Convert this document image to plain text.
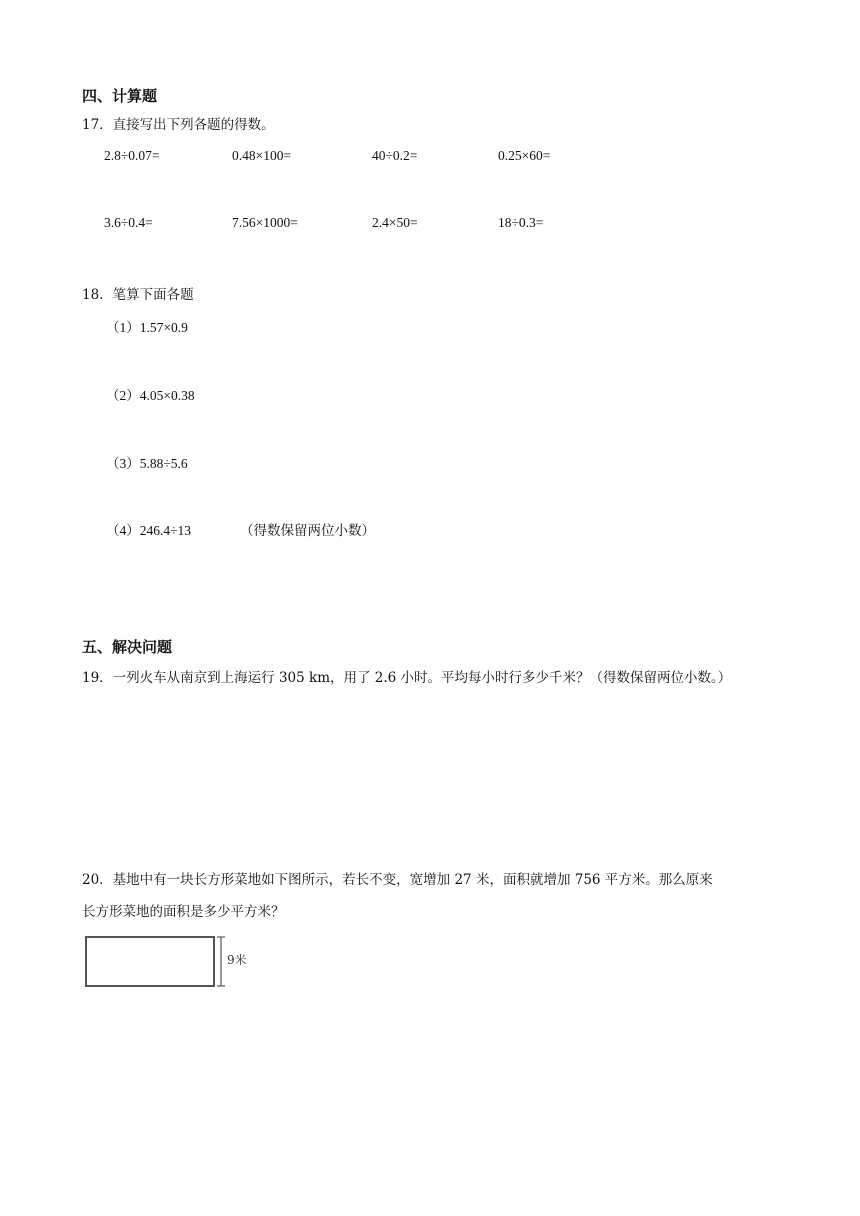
四、计算题
17．直接写出下列各题的得数。
2.8÷0.07=	0.48×100=	40÷0.2=	0.25×60=
3.6÷0.4=	7.56×1000=	2.4×50=	18÷0.3=
18．笔算下面各题
（1）1.57×0.9
（2）4.05×0.38
（3）5.88÷5.6
（4）246.4÷13	（得数保留两位小数）
五、解决问题
19．一列火车从南京到上海运行 305 km，用了 2.6 小时。平均每小时行多少千米？（得数保留两位小数。）
20．基地中有一块长方形菜地如下图所示，若长不变，宽增加 27 米，面积就增加 756 平方米。那么原来
长方形菜地的面积是多少平方米？
9米
